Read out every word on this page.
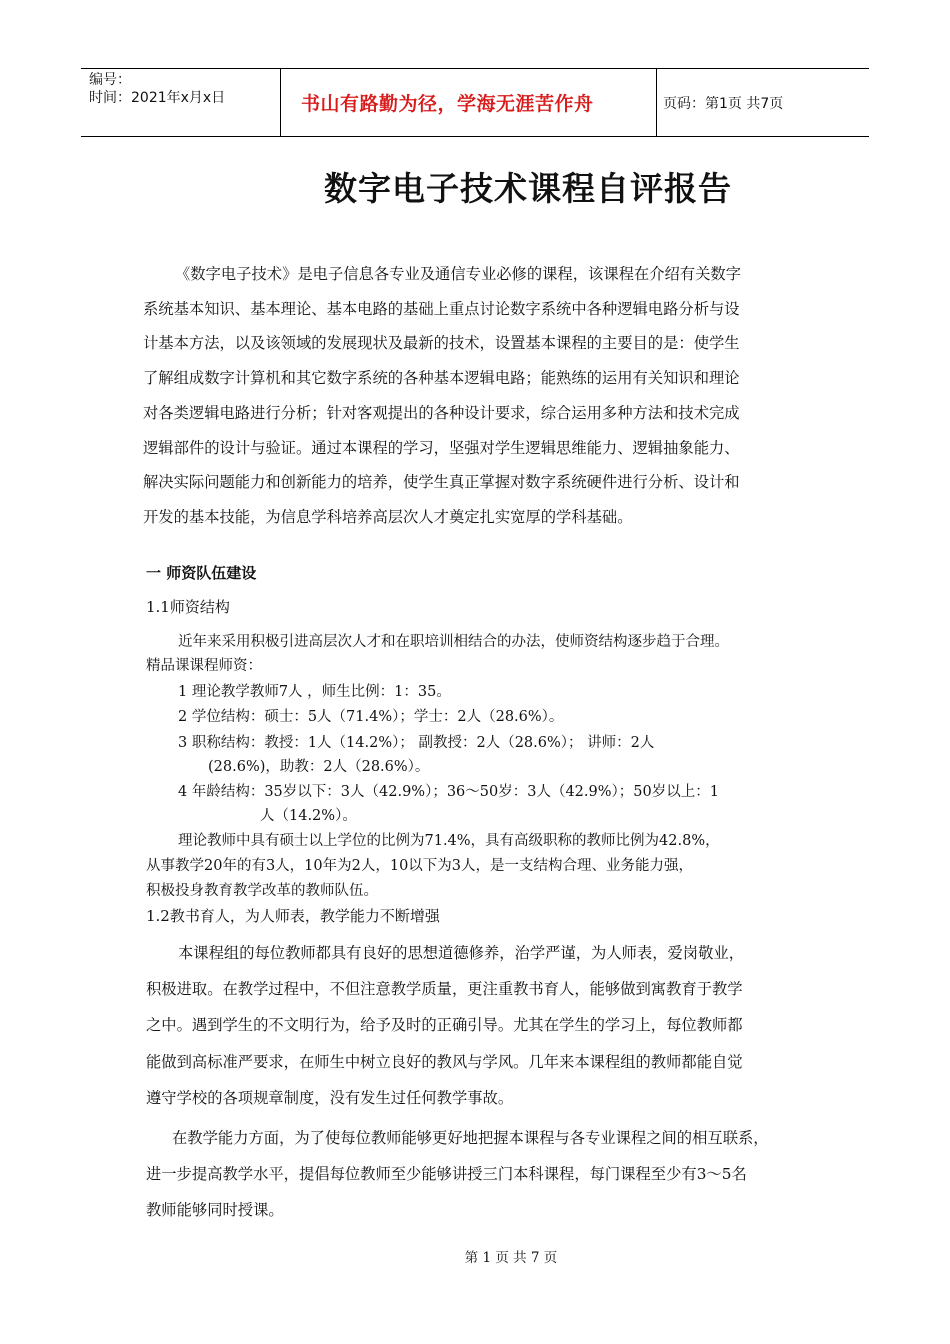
编号：
时间：2021年x月x日	书山有路勤为径，学海无涯苦作舟	页码：第1页 共7页
数字电子技术课程自评报告
《数字电子技术》是电子信息各专业及通信专业必修的课程，该课程在介绍有关数字
系统基本知识、基本理论、基本电路的基础上重点讨论数字系统中各种逻辑电路分析与设
计基本方法，以及该领域的发展现状及最新的技术，设置基本课程的主要目的是：使学生
了解组成数字计算机和其它数字系统的各种基本逻辑电路；能熟练的运用有关知识和理论
对各类逻辑电路进行分析；针对客观提出的各种设计要求，综合运用多种方法和技术完成
逻辑部件的设计与验证。通过本课程的学习，坚强对学生逻辑思维能力、逻辑抽象能力、
解决实际问题能力和创新能力的培养，使学生真正掌握对数字系统硬件进行分析、设计和
开发的基本技能，为信息学科培养高层次人才奠定扎实宽厚的学科基础。
一 师资队伍建设
1.1师资结构
近年来采用积极引进高层次人才和在职培训相结合的办法，使师资结构逐步趋于合理。
精品课课程师资：
1 理论教学教师7人 ，师生比例：1：35。
2 学位结构：硕士：5人（71.4%）；学士：2人（28.6%）。
3 职称结构：教授：1人（14.2%）； 副教授：2人（28.6%）； 讲师：2人
(28.6%)，助教：2人（28.6%）。
4 年龄结构：35岁以下：3人（42.9%）；36～50岁：3人（42.9%）；50岁以上：1
人（14.2%）。
理论教师中具有硕士以上学位的比例为71.4%，具有高级职称的教师比例为42.8%，
从事教学20年的有3人，10年为2人，10以下为3人，是一支结构合理、业务能力强，
积极投身教育教学改革的教师队伍。
1.2教书育人，为人师表，教学能力不断增强
本课程组的每位教师都具有良好的思想道德修养，治学严谨，为人师表，爱岗敬业，
积极进取。在教学过程中，不但注意教学质量，更注重教书育人，能够做到寓教育于教学
之中。遇到学生的不文明行为，给予及时的正确引导。尤其在学生的学习上，每位教师都
能做到高标准严要求，在师生中树立良好的教风与学风。几年来本课程组的教师都能自觉
遵守学校的各项规章制度，没有发生过任何教学事故。
在教学能力方面，为了使每位教师能够更好地把握本课程与各专业课程之间的相互联系，
进一步提高教学水平，提倡每位教师至少能够讲授三门本科课程，每门课程至少有3～5名
教师能够同时授课。
第 1 页 共 7 页
